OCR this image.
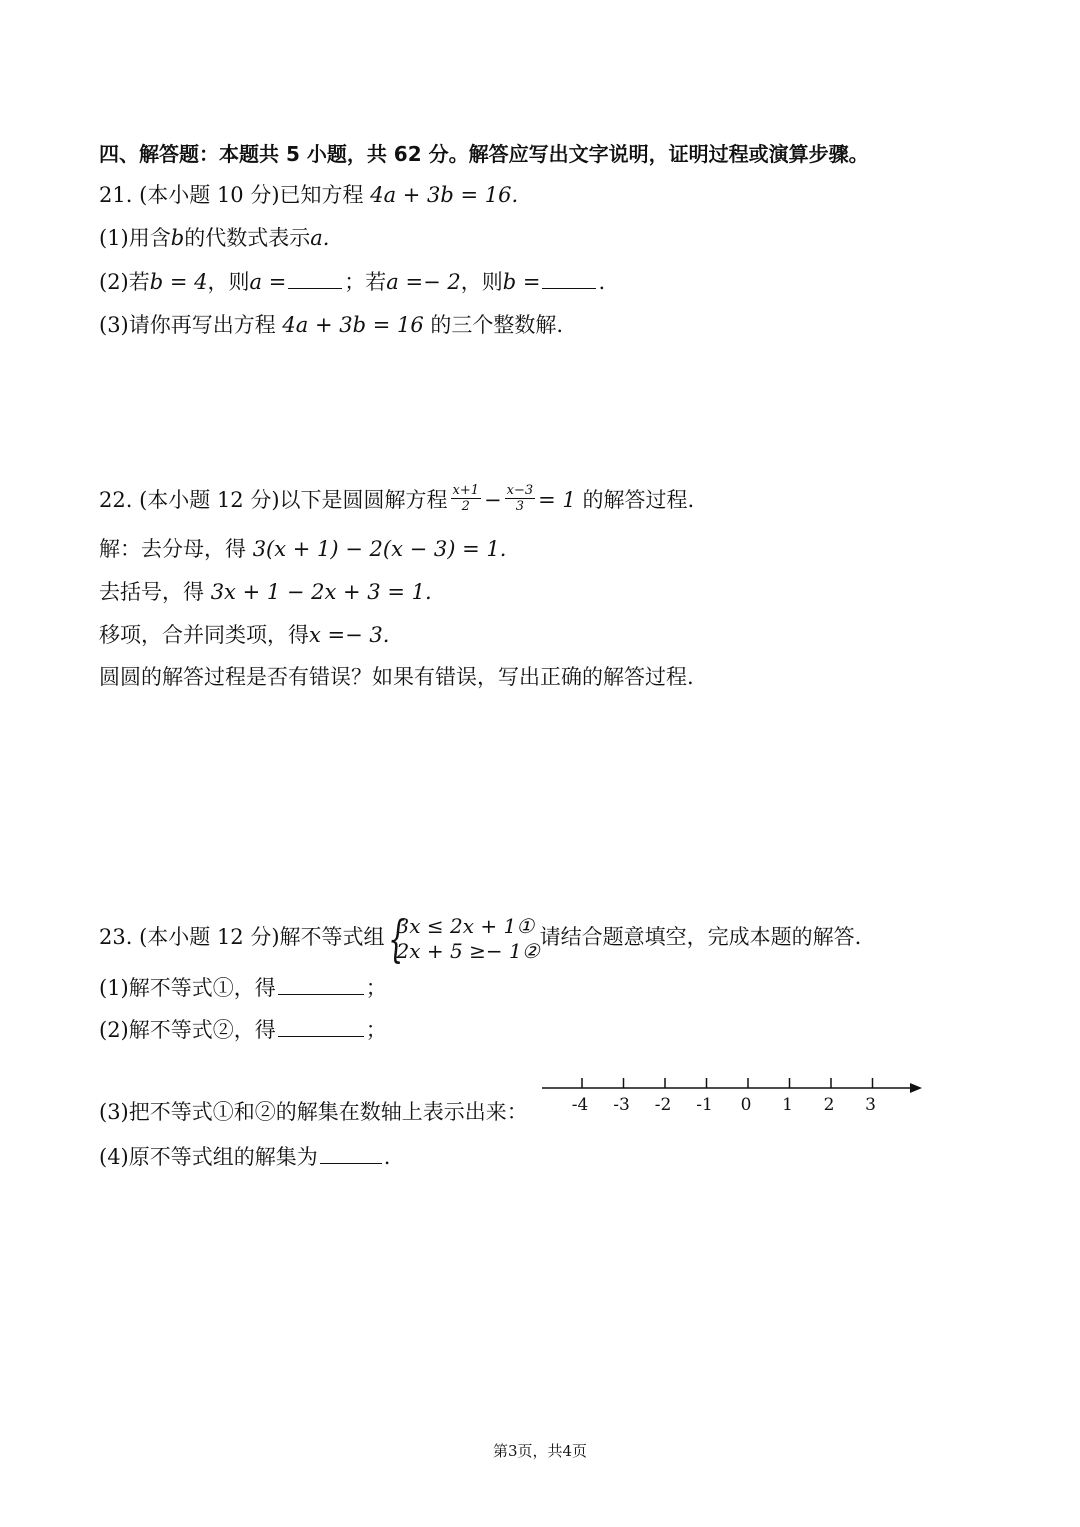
四、解答题：本题共 5 小题，共 62 分。解答应写出文字说明，证明过程或演算步骤。
21. (本小题 10 分)已知方程 4a + 3b = 16.
(1)用含b的代数式表示a.
(2)若b = 4，则a =	；若a =− 2，则b =	.
(3)请你再写出方程 4a + 3b = 16 的三个整数解.
22. (本小题 12 分)以下是圆圆解方程 $\frac{x+1}{2} - \frac{x-3}{3} = 1$ 的解答过程.
解：去分母，得 3(x + 1) − 2(x − 3) = 1.
去括号，得 3x + 1 − 2x + 3 = 1.
移项，合并同类项，得x =− 3.
圆圆的解答过程是否有错误？如果有错误，写出正确的解答过程.
23. (本小题 12 分)解不等式组 {
3x ≤ 2x + 1①
2x + 5 ≥− 1②
请结合题意填空，完成本题的解答.
(1)解不等式①，得	；
(2)解不等式②，得	；
(3)把不等式①和②的解集在数轴上表示出来：	-4 -3 -2 -1 0 1 2 3
(4)原不等式组的解集为	.
第3页，共4页
